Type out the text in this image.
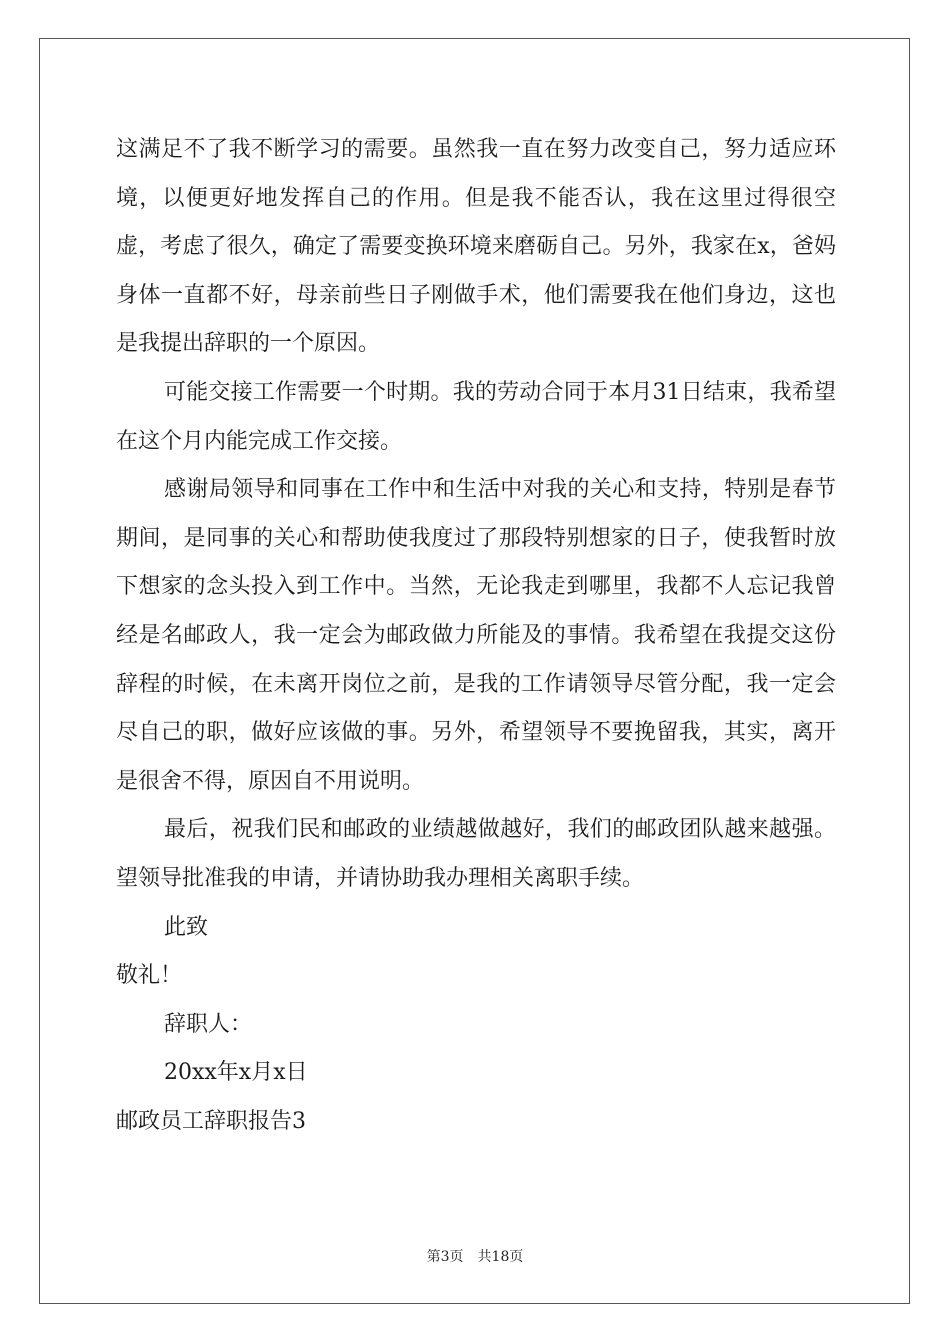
这满足不了我不断学习的需要。虽然我一直在努力改变自己，努力适应环境，以便更好地发挥自己的作用。但是我不能否认，我在这里过得很空虚，考虑了很久，确定了需要变换环境来磨砺自己。另外，我家在x，爸妈身体一直都不好，母亲前些日子刚做手术，他们需要我在他们身边，这也是我提出辞职的一个原因。

可能交接工作需要一个时期。我的劳动合同于本月31日结束，我希望在这个月内能完成工作交接。

感谢局领导和同事在工作中和生活中对我的关心和支持，特别是春节期间，是同事的关心和帮助使我度过了那段特别想家的日子，使我暂时放下想家的念头投入到工作中。当然，无论我走到哪里，我都不人忘记我曾经是名邮政人，我一定会为邮政做力所能及的事情。我希望在我提交这份辞程的时候，在未离开岗位之前，是我的工作请领导尽管分配，我一定会尽自己的职，做好应该做的事。另外，希望领导不要挽留我，其实，离开是很舍不得，原因自不用说明。

最后，祝我们民和邮政的业绩越做越好，我们的邮政团队越来越强。望领导批准我的申请，并请协助我办理相关离职手续。

此致

敬礼！

辞职人：

20xx年x月x日

邮政员工辞职报告3

第3页 共18页
